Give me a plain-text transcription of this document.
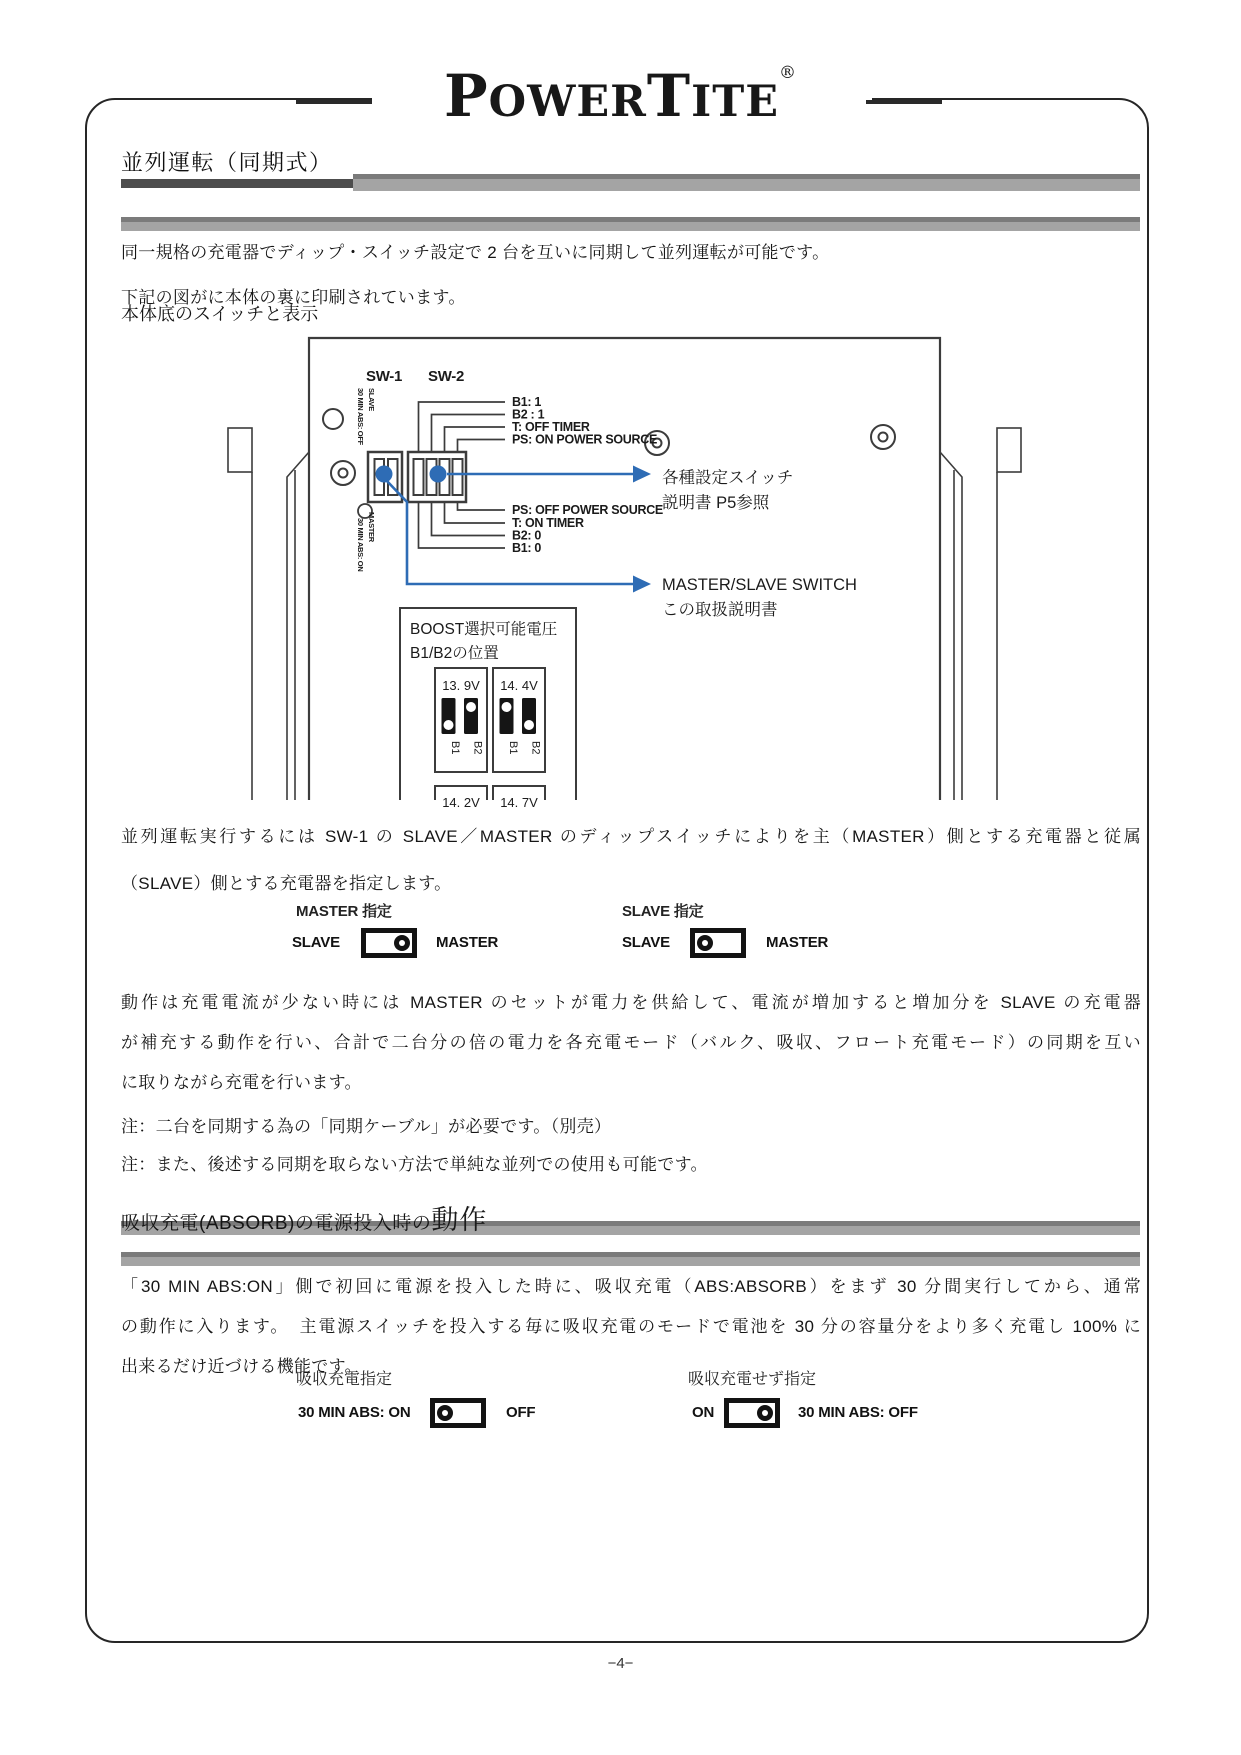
POWERTITE®
並列運転（同期式）
同一規格の充電器でディップ・スイッチ設定で 2 台を互いに同期して並列運転が可能です。
下記の図がに本体の裏に印刷されています。
本体底のスイッチと表示
SW-1 SW-2
SLAVE
30 MIN ABS: OFF
MASTER
30 MIN ABS: ON
B1: 1
B2 : 1
T: OFF TIMER
PS: ON POWER SOURCE
PS: OFF POWER SOURCE
T: ON TIMER
B2: 0
B1: 0
各種設定スイッチ
説明書 P5参照
MASTER/SLAVE SWITCH
この取扱説明書
BOOST選択可能電圧
B1/B2の位置
13. 9V
B1 B2
14. 4V
B1 B2
14. 2V 14. 7V
並列運転実行するには SW-1 の SLAVE／MASTER のディップスイッチによりを主（MASTER）側とする充電器と従属
（SLAVE）側とする充電器を指定します。
MASTER 指定	SLAVE 指定
SLAVE	MASTER	SLAVE	MASTER
動作は充電電流が少ない時には MASTER のセットが電力を供給して、電流が増加すると増加分を SLAVE の充電器
が補充する動作を行い、合計で二台分の倍の電力を各充電モード（バルク、吸収、フロート充電モード）の同期を互い
に取りながら充電を行います。
注：二台を同期する為の「同期ケーブル」が必要です。（別売）
注：また、後述する同期を取らない方法で単純な並列での使用も可能です。
吸収充電(ABSORB)の電源投入時の動作
「30 MIN ABS:ON」側で初回に電源を投入した時に、吸収充電（ABS:ABSORB）をまず 30 分間実行してから、通常
の動作に入ります。　主電源スイッチを投入する毎に吸収充電のモードで電池を 30 分の容量分をより多く充電し 100% に
出来るだけ近づける機能です。
吸収充電指定	吸収充電せず指定
30 MIN ABS: ON	OFF	ON	30 MIN ABS: OFF
−4−
